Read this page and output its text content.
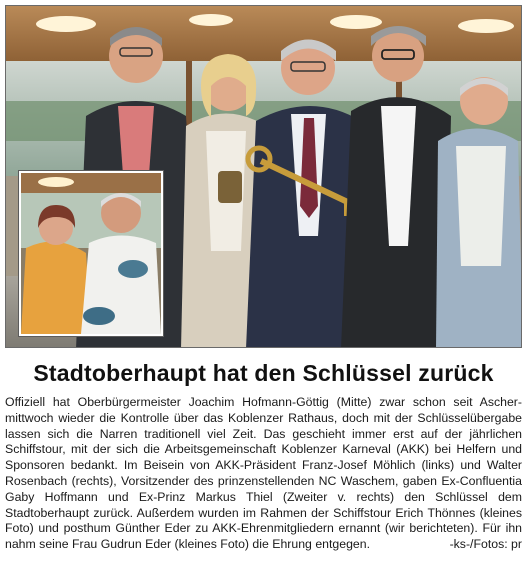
Stadtoberhaupt hat den Schlüssel zurück

Offiziell hat Oberbürgermeister Joachim Hofmann-Göttig (Mitte) zwar schon seit Aschermittwoch wieder die Kontrolle über das Koblenzer Rathaus, doch mit der Schlüsselübergabe lassen sich die Narren traditionell viel Zeit. Das geschieht immer erst auf der jährlichen Schiffstour, mit der sich die Arbeitsgemeinschaft Koblenzer Karneval (AKK) bei Helfern und Sponsoren bedankt. Im Beisein von AKK-Präsident Franz-Josef Möhlich (links) und Walter Rosenbach (rechts), Vorsitzender des prinzenstellenden NC Waschem, gaben Ex-Confluentia Gaby Hoffmann und Ex-Prinz Markus Thiel (Zweiter v. rechts) den Schlüssel dem Stadtoberhaupt zurück. Außerdem wurden im Rahmen der Schiffstour Erich Thönnes (kleines Foto) und posthum Günther Eder zu AKK-Ehrenmitgliedern ernannt (wir berichteten). Für ihn nahm seine Frau Gudrun Eder (kleines Foto) die Ehrung entgegen.	-ks-/Fotos: pr
